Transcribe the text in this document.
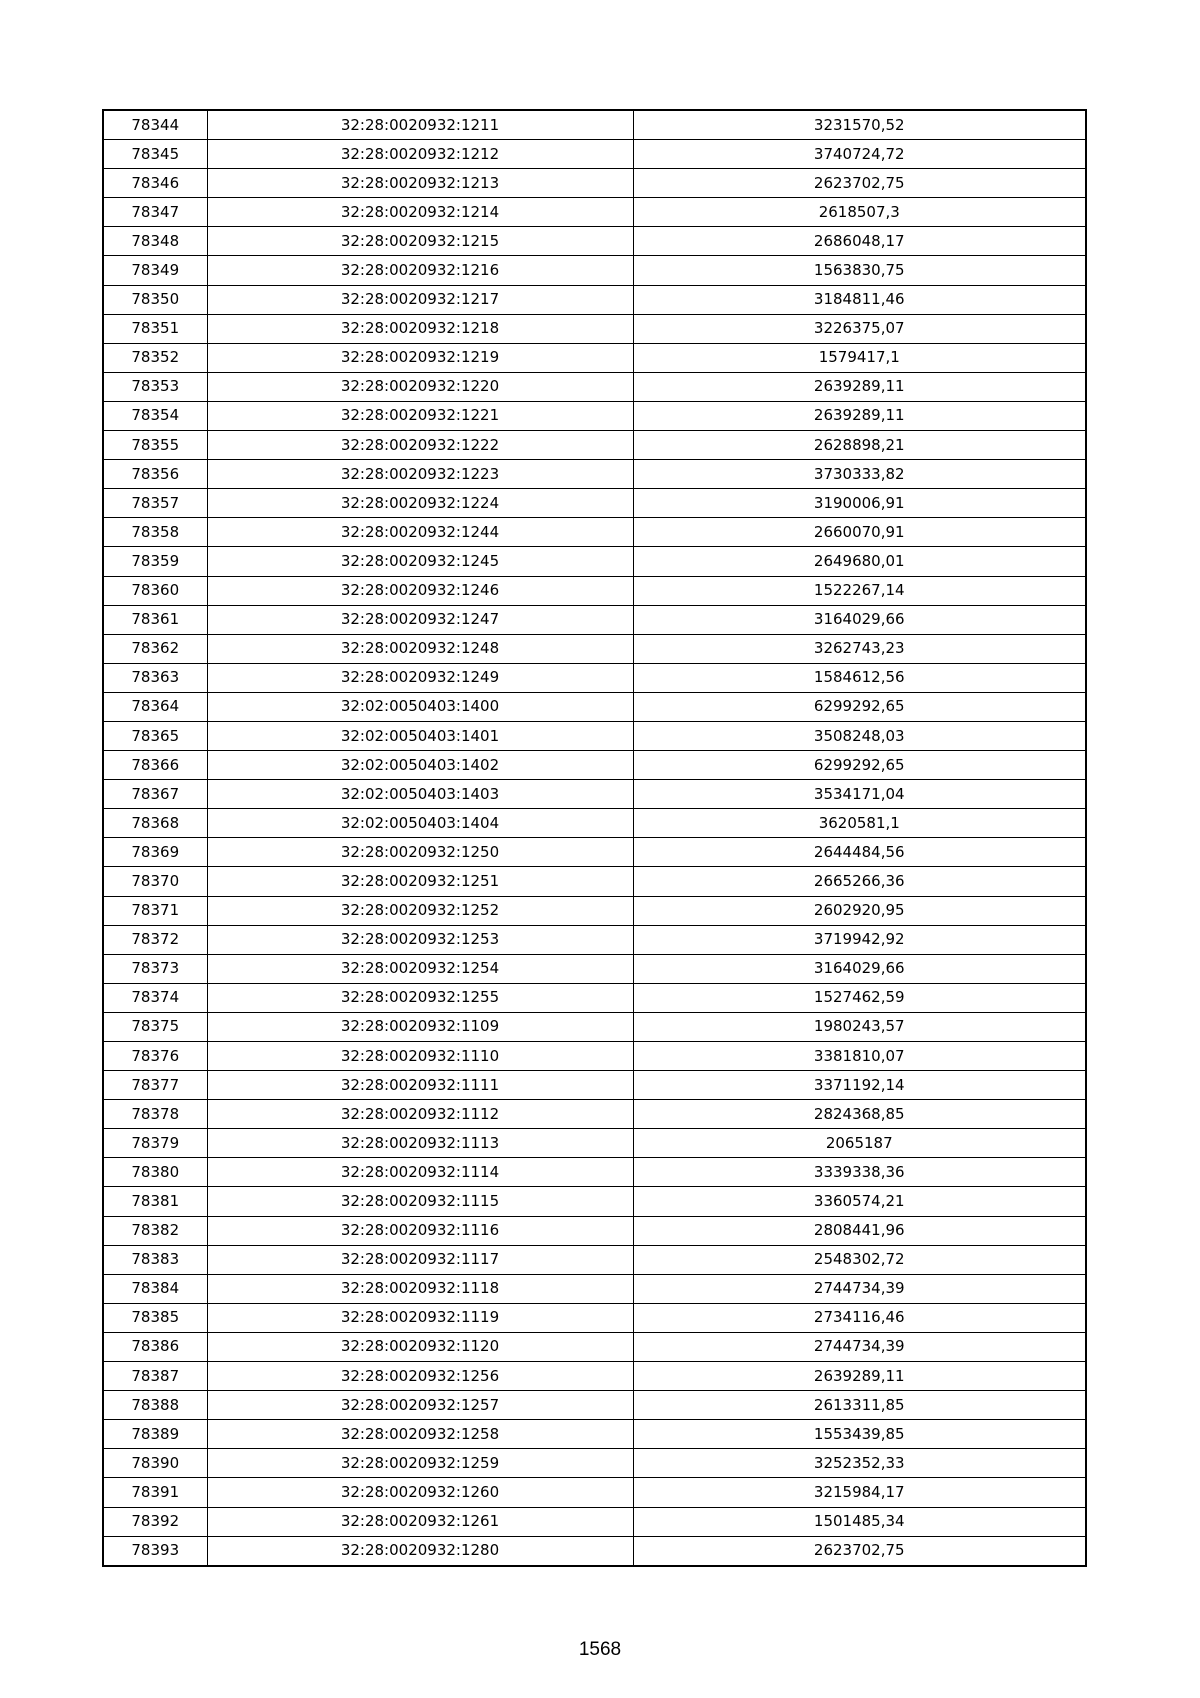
78344	32:28:0020932:1211	3231570,52
78345	32:28:0020932:1212	3740724,72
78346	32:28:0020932:1213	2623702,75
78347	32:28:0020932:1214	2618507,3
78348	32:28:0020932:1215	2686048,17
78349	32:28:0020932:1216	1563830,75
78350	32:28:0020932:1217	3184811,46
78351	32:28:0020932:1218	3226375,07
78352	32:28:0020932:1219	1579417,1
78353	32:28:0020932:1220	2639289,11
78354	32:28:0020932:1221	2639289,11
78355	32:28:0020932:1222	2628898,21
78356	32:28:0020932:1223	3730333,82
78357	32:28:0020932:1224	3190006,91
78358	32:28:0020932:1244	2660070,91
78359	32:28:0020932:1245	2649680,01
78360	32:28:0020932:1246	1522267,14
78361	32:28:0020932:1247	3164029,66
78362	32:28:0020932:1248	3262743,23
78363	32:28:0020932:1249	1584612,56
78364	32:02:0050403:1400	6299292,65
78365	32:02:0050403:1401	3508248,03
78366	32:02:0050403:1402	6299292,65
78367	32:02:0050403:1403	3534171,04
78368	32:02:0050403:1404	3620581,1
78369	32:28:0020932:1250	2644484,56
78370	32:28:0020932:1251	2665266,36
78371	32:28:0020932:1252	2602920,95
78372	32:28:0020932:1253	3719942,92
78373	32:28:0020932:1254	3164029,66
78374	32:28:0020932:1255	1527462,59
78375	32:28:0020932:1109	1980243,57
78376	32:28:0020932:1110	3381810,07
78377	32:28:0020932:1111	3371192,14
78378	32:28:0020932:1112	2824368,85
78379	32:28:0020932:1113	2065187
78380	32:28:0020932:1114	3339338,36
78381	32:28:0020932:1115	3360574,21
78382	32:28:0020932:1116	2808441,96
78383	32:28:0020932:1117	2548302,72
78384	32:28:0020932:1118	2744734,39
78385	32:28:0020932:1119	2734116,46
78386	32:28:0020932:1120	2744734,39
78387	32:28:0020932:1256	2639289,11
78388	32:28:0020932:1257	2613311,85
78389	32:28:0020932:1258	1553439,85
78390	32:28:0020932:1259	3252352,33
78391	32:28:0020932:1260	3215984,17
78392	32:28:0020932:1261	1501485,34
78393	32:28:0020932:1280	2623702,75
1568
